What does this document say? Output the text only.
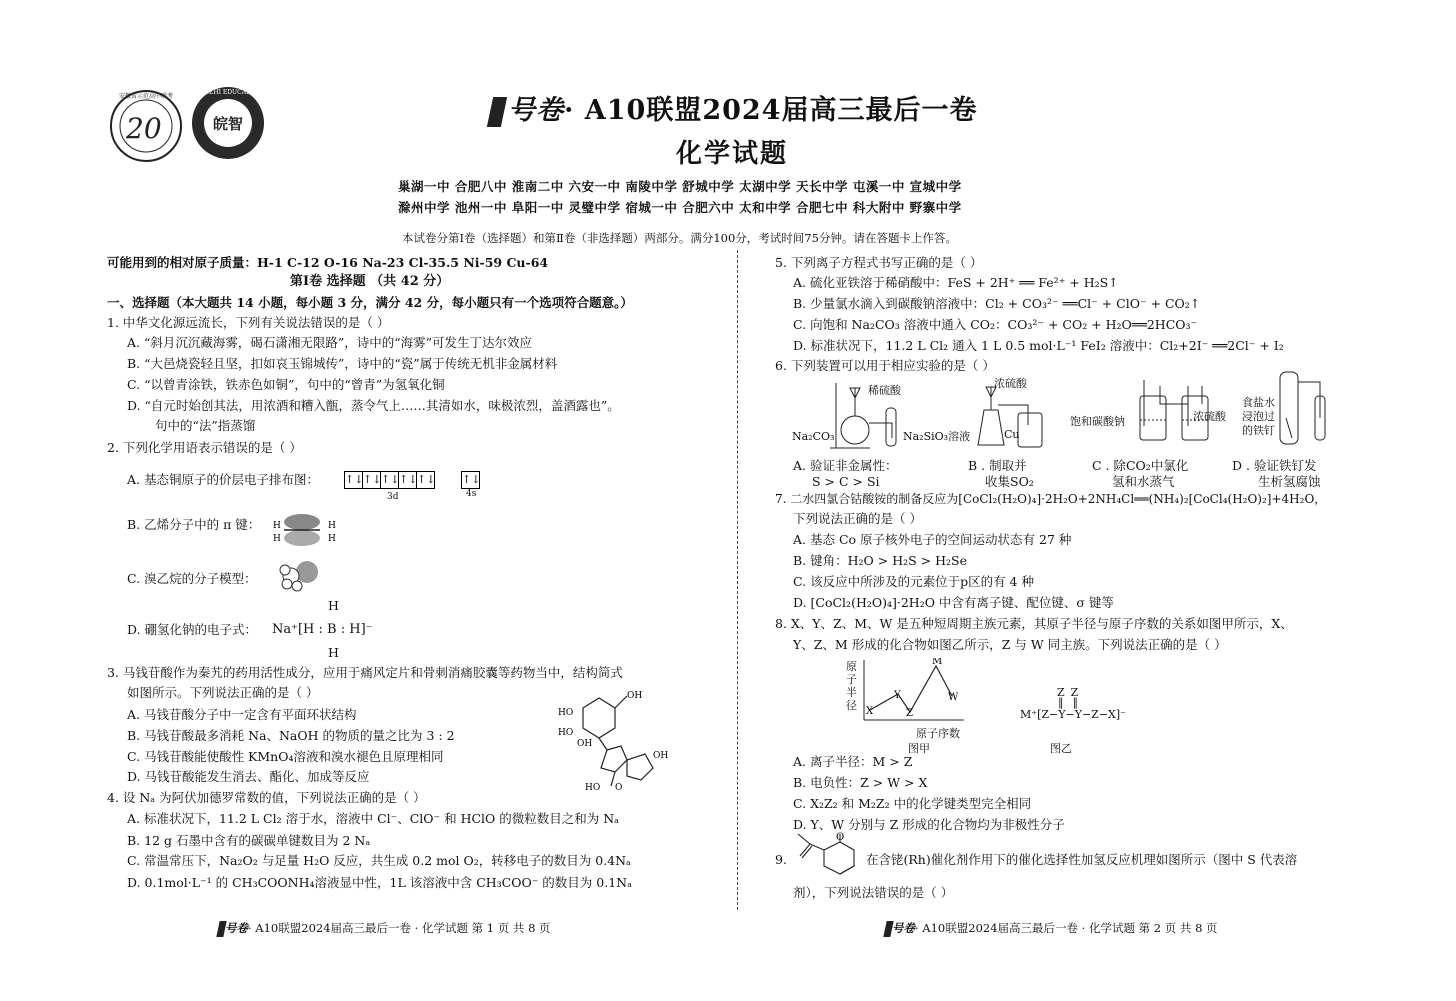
20
安徽省示范高中联考
皖智
WANZHI EDUCATION
号卷· A10联盟2024届高三最后一卷
化学试题
巢湖一中 合肥八中 淮南二中 六安一中 南陵中学 舒城中学 太湖中学 天长中学 屯溪一中 宣城中学
滁州中学 池州一中 阜阳一中 灵璧中学 宿城一中 合肥六中 太和中学 合肥七中 科大附中 野寨中学
本试卷分第Ⅰ卷（选择题）和第Ⅱ卷（非选择题）两部分。满分100分，考试时间75分钟。请在答题卡上作答。
可能用到的相对原子质量：H-1 C-12 O-16 Na-23 Cl-35.5 Ni-59 Cu-64
第Ⅰ卷 选择题 （共 42 分）
一、选择题（本大题共 14 小题，每小题 3 分，满分 42 分，每小题只有一个选项符合题意。）
1. 中华文化源远流长，下列有关说法错误的是（ ）
A. “斜月沉沉藏海雾，碣石潇湘无限路”，诗中的“海雾”可发生丁达尔效应
B. “大邑烧瓷轻且坚，扣如哀玉锦城传”，诗中的“瓷”属于传统无机非金属材料
C. “以曾青涂铁，铁赤色如铜”，句中的“曾青”为氢氧化铜
D. “自元时始创其法，用浓酒和糟入甑，蒸令气上……其清如水，味极浓烈，盖酒露也”。
句中的“法”指蒸馏
2. 下列化学用语表示错误的是（ ）
A. 基态铜原子的价层电子排布图： ↑↓↑↓↑↓↑↓↑↓ ↑↓
3d	4s
B. 乙烯分子中的 π 键： H
H
H
H
C. 溴乙烷的分子模型：
D. 硼氢化钠的电子式：
H
Na⁺[H : B : H]⁻
H
3. 马钱苷酸作为秦艽的药用活性成分，应用于痛风定片和骨刺消痛胶囊等药物当中，结构简式
如图所示。下列说法正确的是（ ）
A. 马钱苷酸分子中一定含有平面环状结构
B. 马钱苷酸最多消耗 Na、NaOH 的物质的量之比为 3 : 2
C. 马钱苷酸能使酸性 KMnO₄溶液和溴水褪色且原理相同
D. 马钱苷酸能发生消去、酯化、加成等反应
OH
HO
HO
OH
OH
HO O
4. 设 Nₐ 为阿伏加德罗常数的值，下列说法正确的是（ ）
A. 标准状况下，11.2 L Cl₂ 溶于水，溶液中 Cl⁻、ClO⁻ 和 HClO 的微粒数目之和为 Nₐ
B. 12 g 石墨中含有的碳碳单键数目为 2 Nₐ
C. 常温常压下，Na₂O₂ 与足量 H₂O 反应，共生成 0.2 mol O₂，转移电子的数目为 0.4Nₐ
D. 0.1mol·L⁻¹ 的 CH₃COONH₄溶液显中性，1L 该溶液中含 CH₃COO⁻ 的数目为 0.1Nₐ
号卷· A10联盟2024届高三最后一卷 · 化学试题 第 1 页 共 8 页
5. 下列离子方程式书写正确的是（ ）
A. 硫化亚铁溶于稀硝酸中：FeS + 2H⁺ ══ Fe²⁺ + H₂S↑
B. 少量氯水滴入到碳酸钠溶液中：Cl₂ + CO₃²⁻ ══Cl⁻ + ClO⁻ + CO₂↑
C. 向饱和 Na₂CO₃ 溶液中通入 CO₂：CO₃²⁻ + CO₂ + H₂O══2HCO₃⁻
D. 标准状况下，11.2 L Cl₂ 通入 1 L 0.5 mol·L⁻¹ FeI₂ 溶液中：Cl₂+2I⁻ ══2Cl⁻ + I₂
6. 下列装置可以用于相应实验的是（ ）
稀硫酸
Na₂CO₃	Na₂SiO₃溶液
浓硫酸
Cu
饱和碳酸钠	浓硫酸
食盐水
浸泡过
的铁钉
A. 验证非金属性：
S > C > Si
B . 制取并
收集SO₂
C . 除CO₂中氯化
氢和水蒸气
D . 验证铁钉发
生析氢腐蚀
7. 二水四氯合钴酸铵的制备反应为[CoCl₂(H₂O)₄]·2H₂O+2NH₄Cl══(NH₄)₂[CoCl₄(H₂O)₂]+4H₂O，
下列说法正确的是（ ）
A. 基态 Co 原子核外电子的空间运动状态有 27 种
B. 键角：H₂O > H₂S > H₂Se
C. 该反应中所涉及的元素位于p区的有 4 种
D. [CoCl₂(H₂O)₄]·2H₂O 中含有离子键、配位键、σ 键等
8. X、Y、Z、M、W 是五种短周期主族元素，其原子半径与原子序数的关系如图甲所示，X、
Y、Z、M 形成的化合物如图乙所示，Z 与 W 同主族。下列说法正确的是（ ）
原子半径 X
Y
Z
M
W
原子序数
图甲
ZZ
‖‖
M⁺[Z−Y−Y−Z−X]⁻
图乙
A. 离子半径：M > Z
B. 电负性：Z > W > X
C. X₂Z₂ 和 M₂Z₂ 中的化学键类型完全相同
D. Y、W 分别与 Z 形成的化合物均为非极性分子
9.
O
在含铑(Rh)催化剂作用下的催化选择性加氢反应机理如图所示（图中 S 代表溶
剂），下列说法错误的是（ ）
号卷· A10联盟2024届高三最后一卷 · 化学试题 第 2 页 共 8 页
